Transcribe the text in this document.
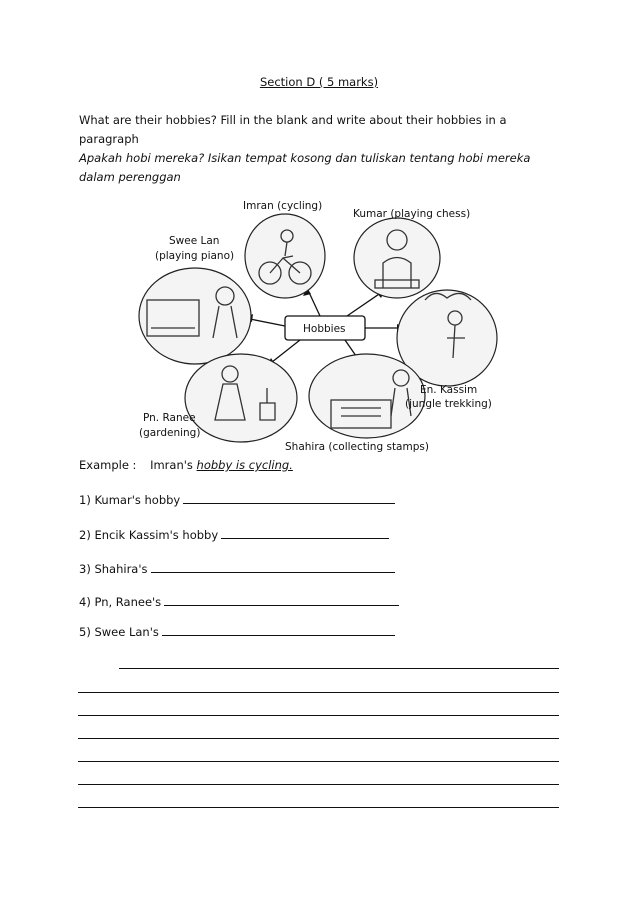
Section D ( 5 marks)
What are their hobbies? Fill in the blank and write about their hobbies in a paragraph
Apakah hobi mereka? Isikan tempat kosong dan tuliskan tentang hobi mereka dalam perenggan
Imran (cycling)
Kumar (playing chess)
Swee Lan
(playing piano)
Hobbies
En. Kassim
(jungle trekking)
Pn. Ranee
(gardening)
Shahira (collecting stamps)
Example : Imran's hobby is cycling.
1) Kumar's hobby
2) Encik Kassim's hobby
3) Shahira's
4) Pn, Ranee's
5) Swee Lan's
